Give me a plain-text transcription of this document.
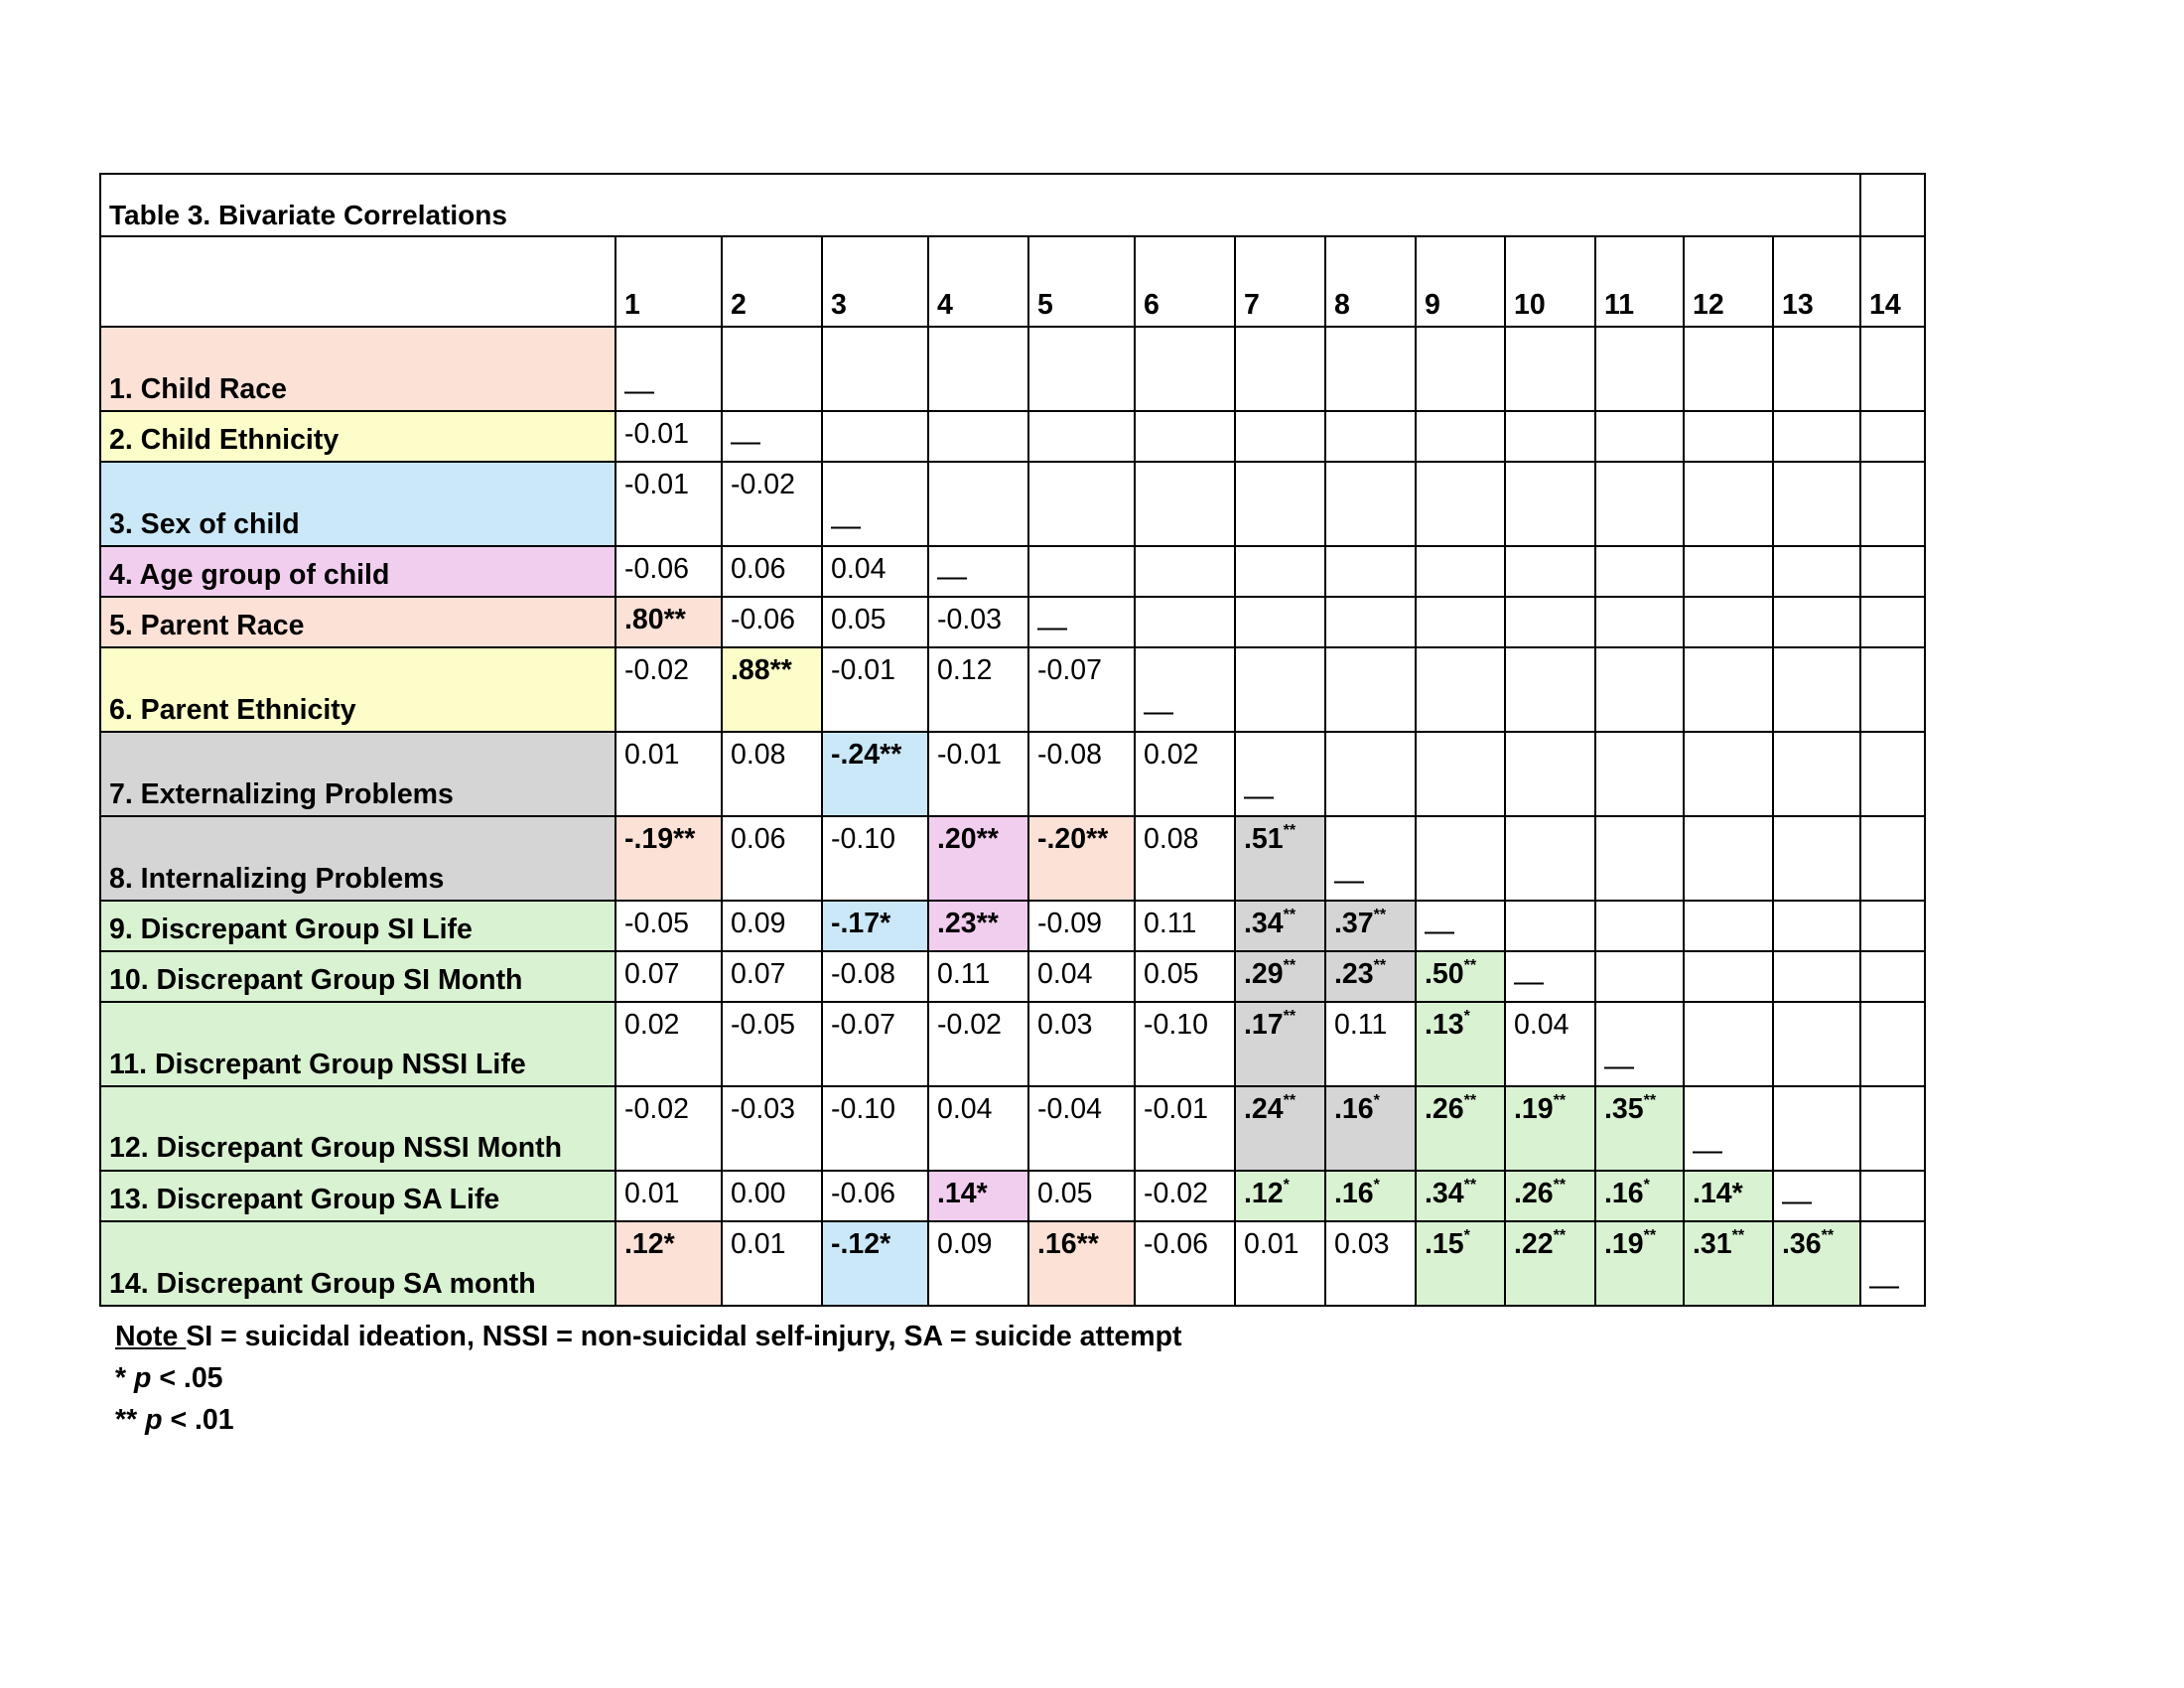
Table 3. Bivariate Correlations														
	1	2	3	4	5	6	7	8	9	10	11	12	13	14
1. Child Race	—													
2. Child Ethnicity	-0.01	—												
3. Sex of child	-0.01	-0.02	—											
4. Age group of child	-0.06	0.06	0.04	—										
5. Parent Race	.80**	-0.06	0.05	-0.03	—									
6. Parent Ethnicity	-0.02	.88**	-0.01	0.12	-0.07	—								
7. Externalizing Problems	0.01	0.08	-.24**	-0.01	-0.08	0.02	—							
8. Internalizing Problems	-.19**	0.06	-0.10	.20**	-.20**	0.08	.51**	—						
9. Discrepant Group SI Life	-0.05	0.09	-.17*	.23**	-0.09	0.11	.34**	.37**	—					
10. Discrepant Group SI Month	0.07	0.07	-0.08	0.11	0.04	0.05	.29**	.23**	.50**	—				
11. Discrepant Group NSSI Life	0.02	-0.05	-0.07	-0.02	0.03	-0.10	.17**	0.11	.13*	0.04	—			
12. Discrepant Group NSSI Month	-0.02	-0.03	-0.10	0.04	-0.04	-0.01	.24**	.16*	.26**	.19**	.35**	—		
13. Discrepant Group SA Life	0.01	0.00	-0.06	.14*	0.05	-0.02	.12*	.16*	.34**	.26**	.16*	.14*	—	
14. Discrepant Group SA month	.12*	0.01	-.12*	0.09	.16**	-0.06	0.01	0.03	.15*	.22**	.19**	.31**	.36**	—
Note SI = suicidal ideation, NSSI = non-suicidal self-injury, SA = suicide attempt
* p < .05
** p < .01
